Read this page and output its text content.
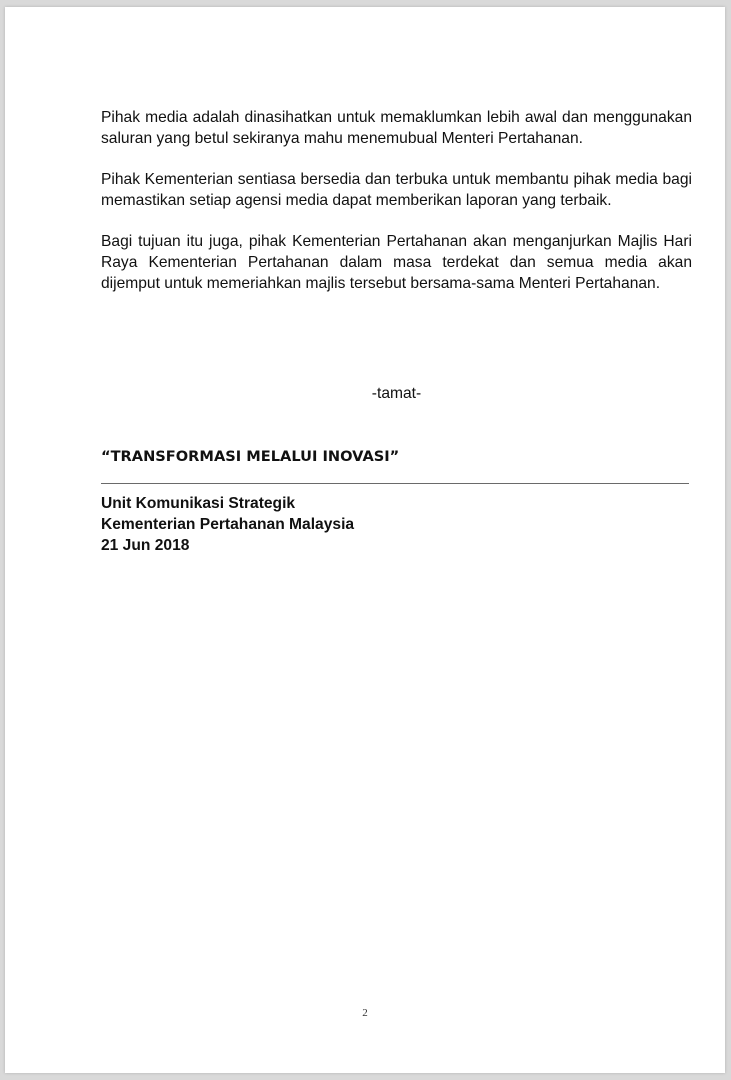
Pihak media adalah dinasihatkan untuk memaklumkan lebih awal dan menggunakan saluran yang betul sekiranya mahu menemubual Menteri Pertahanan.

Pihak Kementerian sentiasa bersedia dan terbuka untuk membantu pihak media bagi memastikan setiap agensi media dapat memberikan laporan yang terbaik.

Bagi tujuan itu juga, pihak Kementerian Pertahanan akan menganjurkan Majlis Hari Raya Kementerian Pertahanan dalam masa terdekat dan semua media akan dijemput untuk memeriahkan majlis tersebut bersama-sama Menteri Pertahanan.

-tamat-
“TRANSFORMASI MELALUI INOVASI”
Unit Komunikasi Strategik
Kementerian Pertahanan Malaysia
21 Jun 2018
2
